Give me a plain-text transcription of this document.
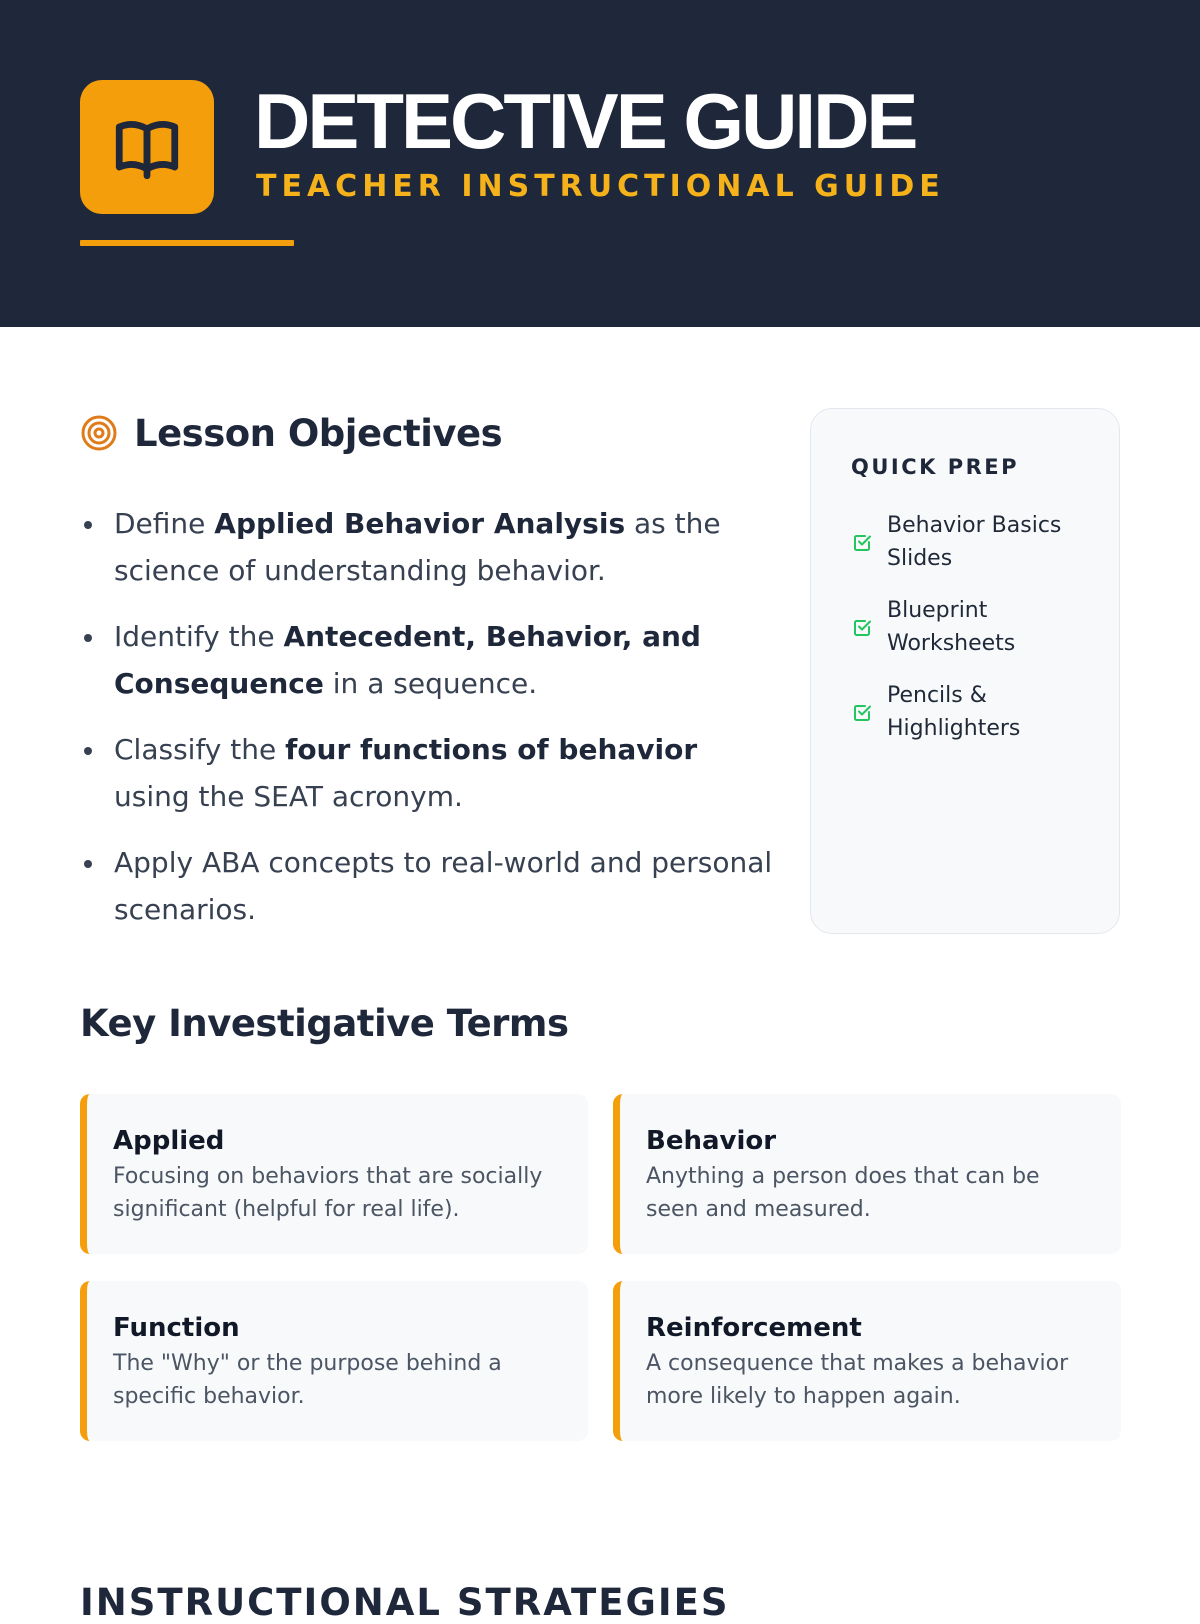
DETECTIVE GUIDE
TEACHER INSTRUCTIONAL GUIDE
Lesson Objectives
Define Applied Behavior Analysis as the science of understanding behavior.
Identify the Antecedent, Behavior, and Consequence in a sequence.
Classify the four functions of behavior using the SEAT acronym.
Apply ABA concepts to real-world and personal scenarios.
QUICK PREP
Behavior Basics Slides
Blueprint Worksheets
Pencils & Highlighters
Key Investigative Terms
Applied
Focusing on behaviors that are socially significant (helpful for real life).
Behavior
Anything a person does that can be seen and measured.
Function
The "Why" or the purpose behind a specific behavior.
Reinforcement
A consequence that makes a behavior more likely to happen again.
INSTRUCTIONAL STRATEGIES
